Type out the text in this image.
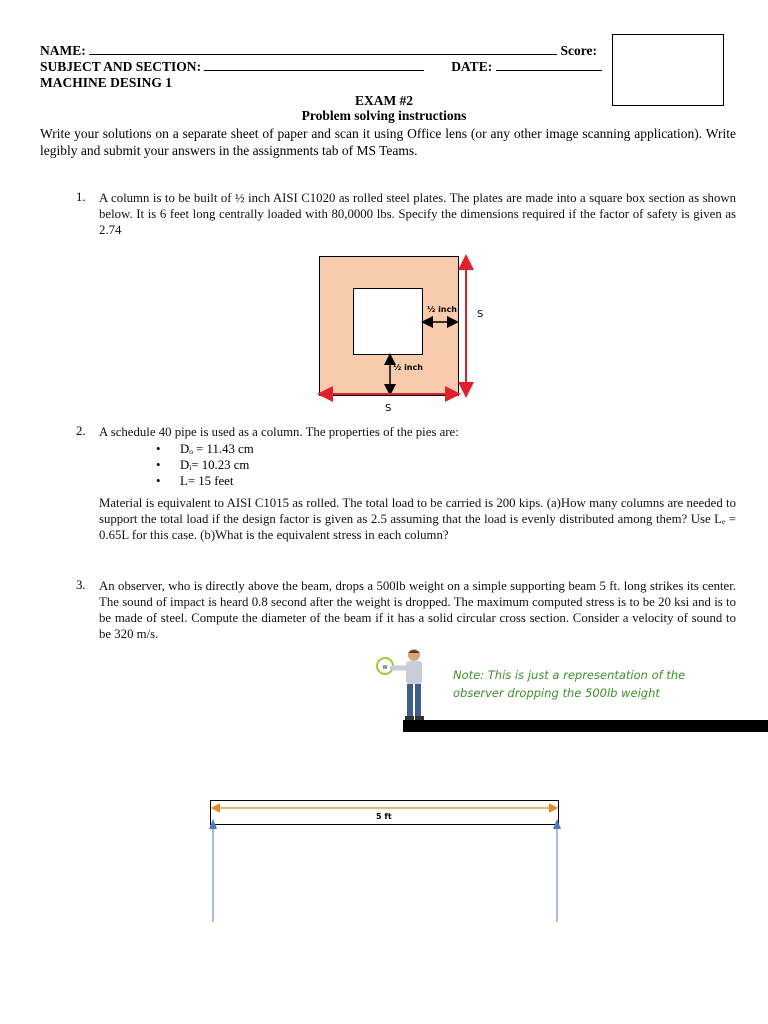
NAME:	Score:
SUBJECT AND SECTION:	DATE:
MACHINE DESING 1
EXAM #2
Problem solving instructions
Write your solutions on a separate sheet of paper and scan it using Office lens (or any other image scanning application). Write legibly and submit your answers in the assignments tab of MS Teams.
1. A column is to be built of ½ inch AISI C1020 as rolled steel plates. The plates are made into a square box section as shown below. It is 6 feet long centrally loaded with 80,0000 lbs. Specify the dimensions required if the factor of safety is given as 2.74
½ inch
½ inch
S
S
2. A schedule 40 pipe is used as a column. The properties of the pies are:
• Dₒ = 11.43 cm
• Dᵢ= 10.23 cm
• L= 15 feet
Material is equivalent to AISI C1015 as rolled. The total load to be carried is 200 kips. (a)How many columns are needed to support the total load if the design factor is given as 2.5 assuming that the load is evenly distributed among them? Use Lₑ = 0.65L for this case. (b)What is the equivalent stress in each column?
3. An observer, who is directly above the beam, drops a 500lb weight on a simple supporting beam 5 ft. long strikes its center. The sound of impact is heard 0.8 second after the weight is dropped. The maximum computed stress is to be 20 ksi and is to be made of steel. Compute the diameter of the beam if it has a solid circular cross section. Consider a velocity of sound to be 320 m/s.
W	Note: This is just a representation of the
observer dropping the 500lb weight
5 ft
